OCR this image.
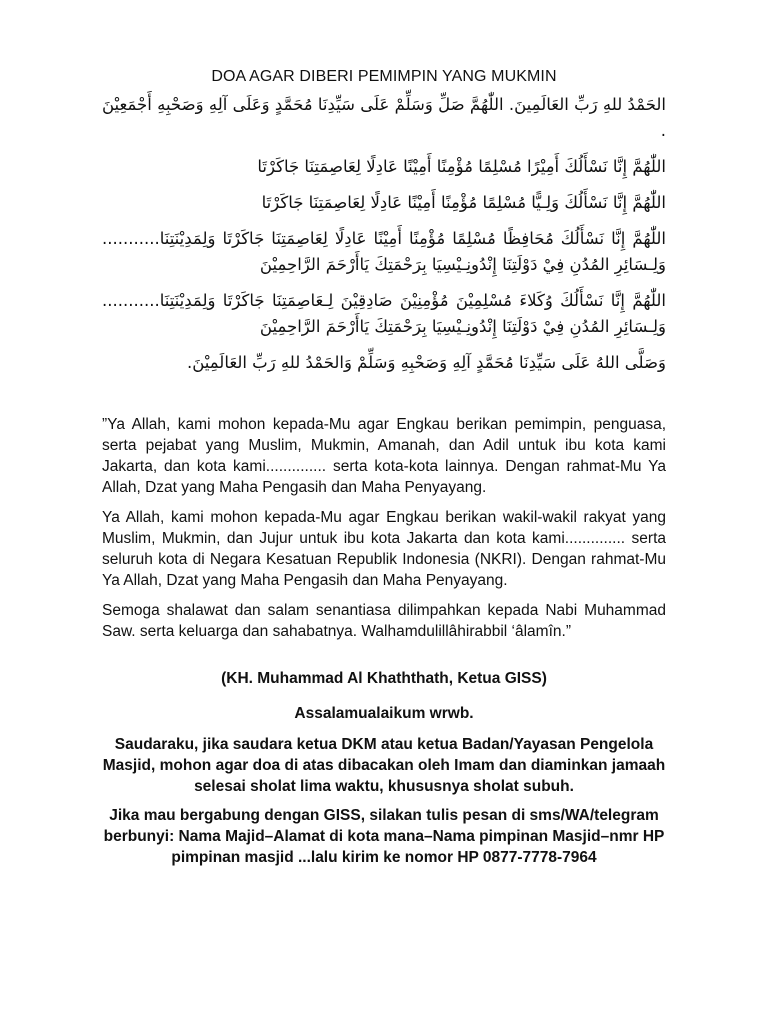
DOA AGAR DIBERI PEMIMPIN YANG MUKMIN

الحَمْدُ للهِ رَبِّ العَالَمِينَ. اللّٰهُمَّ صَلِّ وَسَلِّمْ عَلَى سَيِّدِنَا مُحَمَّدٍ وَعَلَى آلِهِ وَصَحْبِهِ أَجْمَعِيْنَ .

اللّٰهُمَّ إِنَّا نَسْأَلُكَ أَمِيْرًا مُسْلِمًا مُؤْمِنًا أَمِيْنًا عَادِلًا لِعَاصِمَتِنَا جَاكَرْتَا

اللّٰهُمَّ إِنَّا نَسْأَلُكَ وَلِـيًّا مُسْلِمًا مُؤْمِنًا أَمِيْنًا عَادِلًا لِعَاصِمَتِنَا جَاكَرْتَا

اللّٰهُمَّ إِنَّا نَسْأَلُكَ مُحَافِظًا مُسْلِمًا مُؤْمِنًا أَمِيْنًا عَادِلًا لِعَاصِمَتِنَا جَاكَرْتَا وَلِمَدِيْنَتِنَا........... وَلِـسَائِرِ المُدُنِ فِيْ دَوْلَتِنَا إِنْدُونِـيْسِيَا بِرَحْمَتِكَ يَاأَرْحَمَ الرَّاحِمِيْنَ

اللّٰهُمَّ إِنَّا نَسْأَلُكَ وُكَلاءَ مُسْلِمِيْنَ مُؤْمِنِيْنَ صَادِقِيْنَ لِـعَاصِمَتِنَا جَاكَرْتَا وَلِمَدِيْنَتِنَا........... وَلِـسَائِرِ المُدُنِ فِيْ دَوْلَتِنَا إِنْدُونِـيْسِيَا بِرَحْمَتِكَ يَاأَرْحَمَ الرَّاحِمِيْنَ

وَصَلَّى اللهُ عَلَى سَيِّدِنَا مُحَمَّدٍ آلِهِ وَصَحْبِهِ وَسَلِّمْ وَالحَمْدُ للهِ رَبِّ العَالَمِيْنَ.

”Ya Allah, kami mohon kepada-Mu agar Engkau berikan pemimpin, penguasa, serta pejabat yang Muslim, Mukmin, Amanah, dan Adil untuk ibu kota kami Jakarta, dan kota kami.............. serta kota-kota lainnya. Dengan rahmat-Mu Ya Allah, Dzat yang Maha Pengasih dan Maha Penyayang.

Ya Allah, kami mohon kepada-Mu agar Engkau berikan wakil-wakil rakyat yang Muslim, Mukmin, dan Jujur untuk ibu kota Jakarta dan kota kami.............. serta seluruh kota di Negara Kesatuan Republik Indonesia (NKRI). Dengan rahmat-Mu Ya Allah, Dzat yang Maha Pengasih dan Maha Penyayang.

Semoga shalawat dan salam senantiasa dilimpahkan kepada Nabi Muhammad Saw. serta keluarga dan sahabatnya. Walhamdulillâhirabbil ‘âlamîn.”

(KH. Muhammad Al Khaththath, Ketua GISS)

Assalamualaikum wrwb.

Saudaraku, jika saudara ketua DKM atau ketua Badan/Yayasan Pengelola Masjid, mohon agar doa di atas dibacakan oleh Imam dan diaminkan jamaah selesai sholat lima waktu, khususnya sholat subuh.

Jika mau bergabung dengan GISS, silakan tulis pesan di sms/WA/telegram berbunyi: Nama Majid–Alamat di kota mana–Nama pimpinan Masjid–nmr HP pimpinan masjid ...lalu kirim ke nomor HP 0877-7778-7964
